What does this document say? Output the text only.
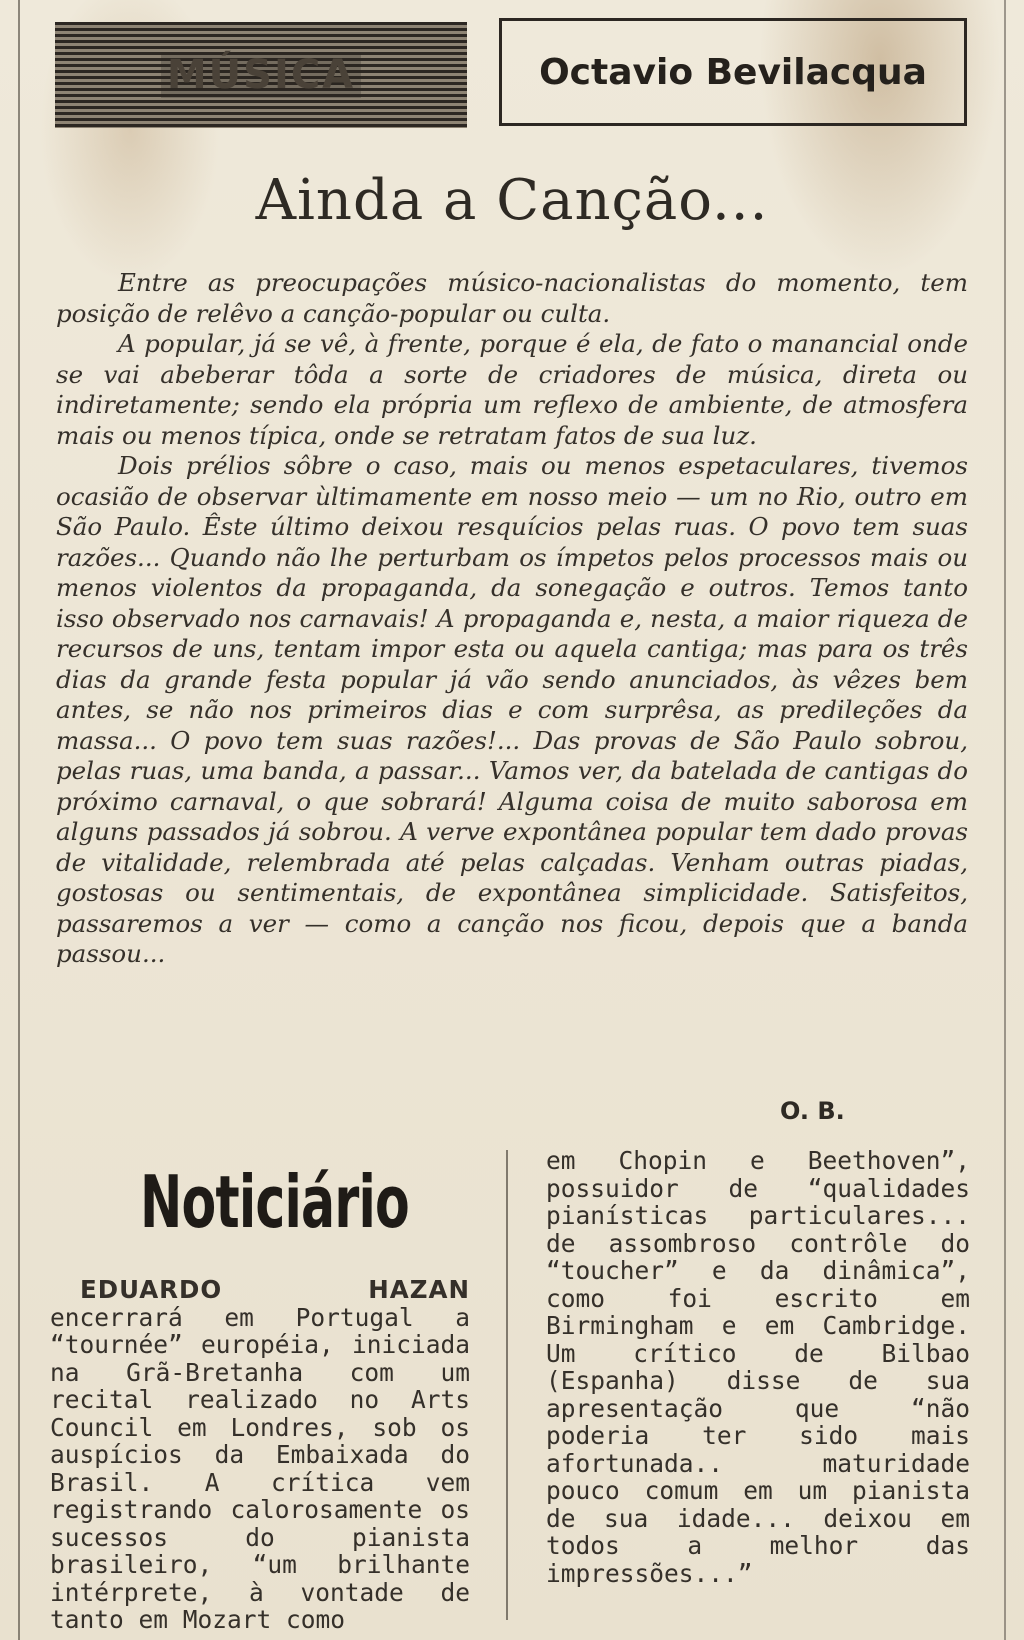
MÚSICA	Octavio Bevilacqua
Ainda a Canção...

Entre as preocupações músico-nacionalistas do momento, tem posição de relêvo a canção-popular ou culta.

A popular, já se vê, à frente, porque é ela, de fato o manancial onde se vai abeberar tôda a sorte de criadores de música, direta ou indiretamente; sendo ela própria um reflexo de ambiente, de atmosfera mais ou menos típica, onde se retratam fatos de sua luz.

Dois prélios sôbre o caso, mais ou menos espetaculares, tivemos ocasião de observar ùltimamente em nosso meio — um no Rio, outro em São Paulo. Êste último deixou resquícios pelas ruas. O povo tem suas razões... Quando não lhe perturbam os ímpetos pelos processos mais ou menos violentos da propaganda, da sonegação e outros. Temos tanto isso observado nos carnavais! A propaganda e, nesta, a maior riqueza de recursos de uns, tentam impor esta ou aquela cantiga; mas para os três dias da grande festa popular já vão sendo anunciados, às vêzes bem antes, se não nos primeiros dias e com surprêsa, as predileções da massa... O povo tem suas razões!... Das provas de São Paulo sobrou, pelas ruas, uma banda, a passar... Vamos ver, da batelada de cantigas do próximo carnaval, o que sobrará! Alguma coisa de muito saborosa em alguns passados já sobrou. A verve expontânea popular tem dado provas de vitalidade, relembrada até pelas calçadas. Venham outras piadas, gostosas ou sentimentais, de expontânea simplicidade. Satisfeitos, passaremos a ver — como a canção nos ficou, depois que a banda passou...

O. B.
Noticiário

EDUARDO HAZAN encerrará em Portugal a “tournée” européia, iniciada na Grã-Bretanha com um recital realizado no Arts Council em Londres, sob os auspícios da Embaixada do Brasil. A crítica vem registrando calorosamente os sucessos do pianista brasileiro, “um brilhante intérprete, à vontade de tanto em Mozart como

em Chopin e Beethoven”, possuidor de “qualidades pianísticas particulares... de assombroso contrôle do “toucher” e da dinâmica”, como foi escrito em Birmingham e em Cambridge. Um crítico de Bilbao (Espanha) disse de sua apresentação que “não poderia ter sido mais afortunada.. maturidade pouco comum em um pianista de sua idade... deixou em todos a melhor das impressões...”
